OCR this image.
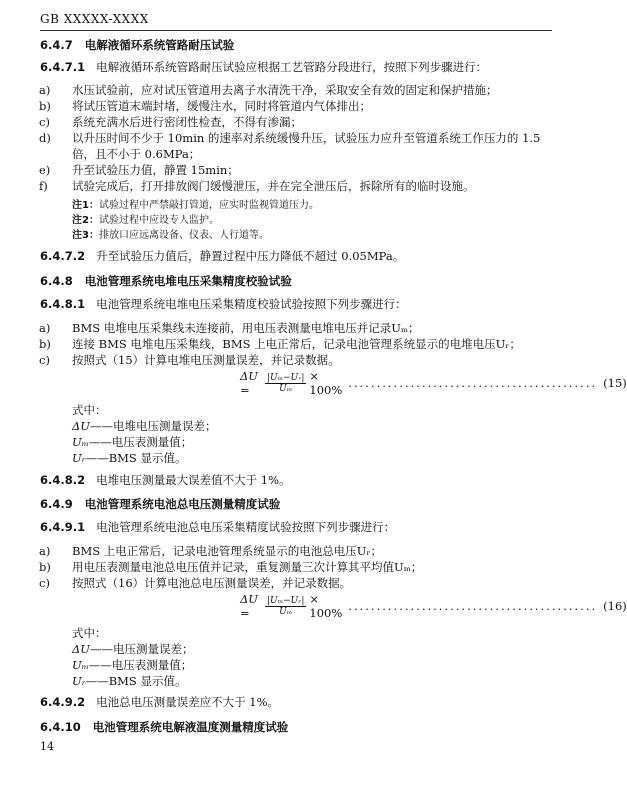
GB XXXXX-XXXX
6.4.7 电解液循环系统管路耐压试验
6.4.7.1 电解液循环系统管路耐压试验应根据工艺管路分段进行，按照下列步骤进行：
a) 水压试验前，应对试压管道用去离子水清洗干净，采取安全有效的固定和保护措施；
b) 将试压管道末端封堵，缓慢注水，同时将管道内气体排出；
c) 系统充满水后进行密闭性检查，不得有渗漏；
d) 以升压时间不少于 10min 的速率对系统缓慢升压，试验压力应升至管道系统工作压力的 1.5 倍，且不小于 0.6MPa；
e) 升至试验压力值，静置 15min；
f) 试验完成后，打开排放阀门缓慢泄压，并在完全泄压后，拆除所有的临时设施。
注1：试验过程中严禁敲打管道，应实时监视管道压力。
注2：试验过程中应设专人监护。
注3：排放口应远离设备、仪表、人行道等。
6.4.7.2 升至试验压力值后，静置过程中压力降低不超过 0.05MPa。
6.4.8 电池管理系统电堆电压采集精度校验试验
6.4.8.1 电池管理系统电堆电压采集精度校验试验按照下列步骤进行：
a) BMS 电堆电压采集线未连接前，用电压表测量电堆电压并记录Uₘ；
b) 连接 BMS 电堆电压采集线，BMS 上电正常后，记录电池管理系统显示的电堆电压Uᵣ；
c) 按照式（15）计算电堆电压测量误差，并记录数据。
ΔU =	$\frac{\text{|Uₘ−Uᵣ|}}{\text{Uₘ}} \times 100\%$ ............................................ (15)
式中：
ΔU——电堆电压测量误差；
Uₘ——电压表测量值；
Uᵣ——BMS 显示值。
6.4.8.2 电堆电压测量最大误差值不大于 1%。
6.4.9 电池管理系统电池总电压测量精度试验
6.4.9.1 电池管理系统电池总电压采集精度试验按照下列步骤进行：
a) BMS 上电正常后，记录电池管理系统显示的电池总电压Uᵣ；
b) 用电压表测量电池总电压值并记录，重复测量三次计算其平均值Uₘ；
c) 按照式（16）计算电池总电压测量误差，并记录数据。
ΔU =	$\frac{\text{|Uₘ−Uᵣ|}}{\text{Uₘ}} \times 100\%$ ............................................ (16)
式中：
ΔU——电压测量误差；
Uₘ——电压表测量值；
Uᵣ——BMS 显示值。
6.4.9.2 电池总电压测量误差应不大于 1%。
6.4.10 电池管理系统电解液温度测量精度试验
14
